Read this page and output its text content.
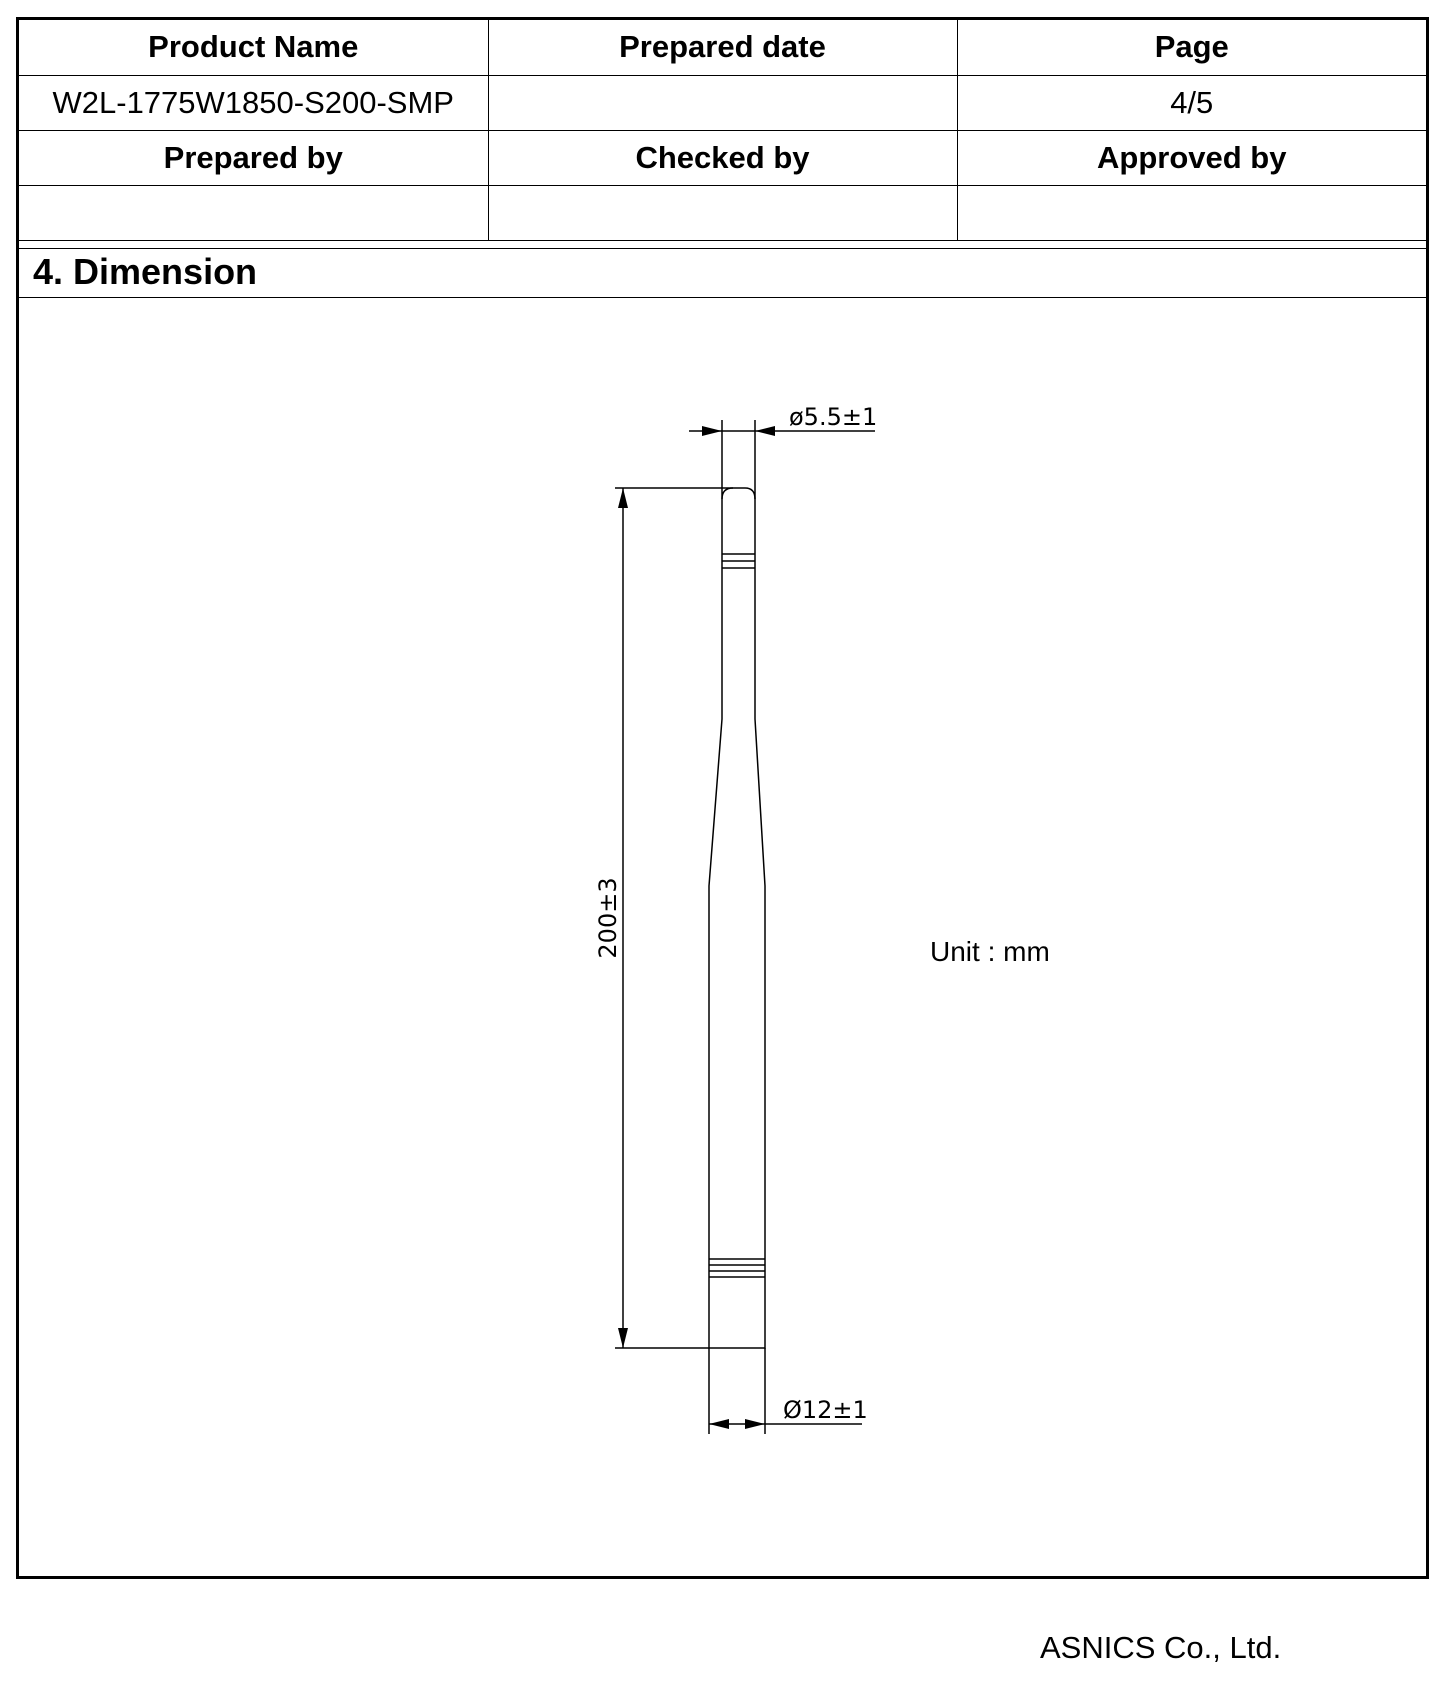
Product Name	Prepared date	Page
W2L-1775W1850-S200-SMP		4/5
Prepared by	Checked by	Approved by

4. Dimension
ø5.5±1
200±3
Ø12±1
Unit : mm
ASNICS Co., Ltd.
